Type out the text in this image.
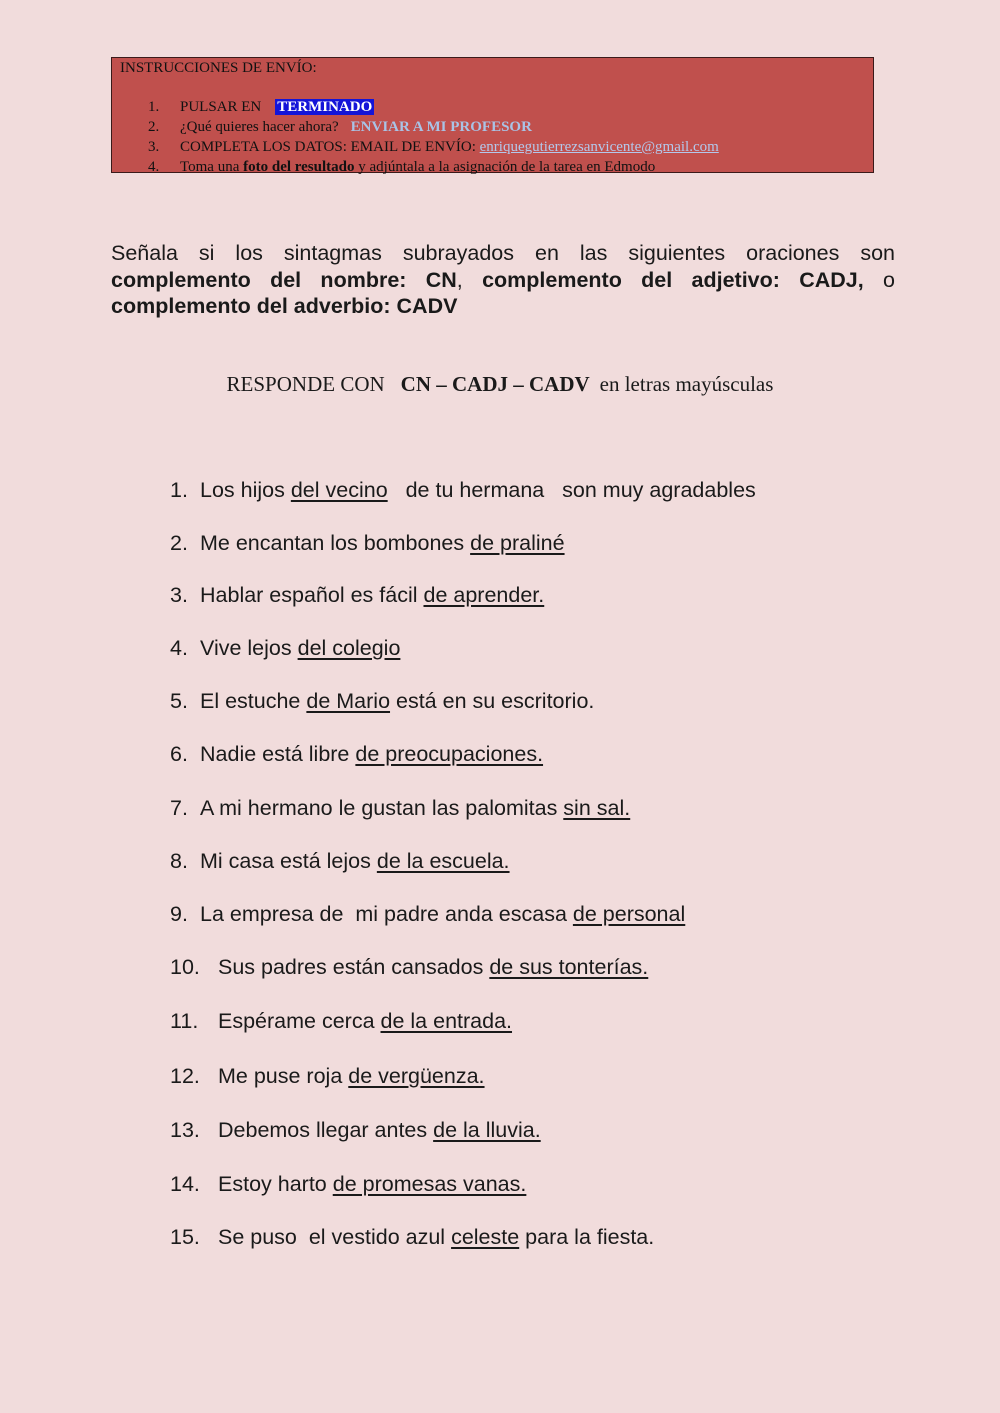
INSTRUCCIONES DE ENVÍO:
1. PULSAR EN TERMINADO
2. ¿Qué quieres hacer ahora? ENVIAR A MI PROFESOR
3. COMPLETA LOS DATOS: EMAIL DE ENVÍO: enriquegutierrezsanvicente@gmail.com
4. Toma una foto del resultado y adjúntala a la asignación de la tarea en Edmodo
Señala si los sintagmas subrayados en las siguientes oraciones son complemento del nombre: CN, complemento del adjetivo: CADJ, o complemento del adverbio: CADV
RESPONDE CON CN – CADJ – CADV en letras mayúsculas
1. Los hijos del vecino   de tu hermana   son muy agradables
2. Me encantan los bombones de praliné
3. Hablar español es fácil de aprender.
4. Vive lejos del colegio
5. El estuche de Mario está en su escritorio.
6. Nadie está libre de preocupaciones.
7. A mi hermano le gustan las palomitas sin sal.
8. Mi casa está lejos de la escuela.
9. La empresa de  mi padre anda escasa de personal
10. Sus padres están cansados de sus tonterías.
11. Espérame cerca de la entrada.
12. Me puse roja de vergüenza.
13. Debemos llegar antes de la lluvia.
14. Estoy harto de promesas vanas.
15. Se puso  el vestido azul celeste para la fiesta.
